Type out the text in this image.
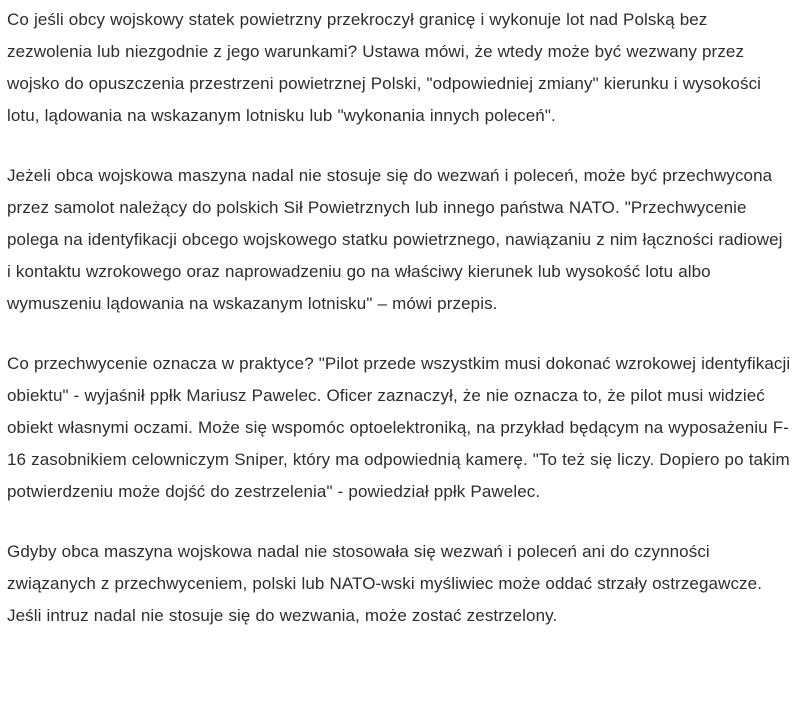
Co jeśli obcy wojskowy statek powietrzny przekroczył granicę i wykonuje lot nad Polską bez zezwolenia lub niezgodnie z jego warunkami? Ustawa mówi, że wtedy może być wezwany przez wojsko do opuszczenia przestrzeni powietrznej Polski, "odpowiedniej zmiany" kierunku i wysokości lotu, lądowania na wskazanym lotnisku lub "wykonania innych poleceń".

Jeżeli obca wojskowa maszyna nadal nie stosuje się do wezwań i poleceń, może być przechwycona przez samolot należący do polskich Sił Powietrznych lub innego państwa NATO. "Przechwycenie polega na identyfikacji obcego wojskowego statku powietrznego, nawiązaniu z nim łączności radiowej i kontaktu wzrokowego oraz naprowadzeniu go na właściwy kierunek lub wysokość lotu albo wymuszeniu lądowania na wskazanym lotnisku" – mówi przepis.

Co przechwycenie oznacza w praktyce? "Pilot przede wszystkim musi dokonać wzrokowej identyfikacji obiektu" - wyjaśnił ppłk Mariusz Pawelec. Oficer zaznaczył, że nie oznacza to, że pilot musi widzieć obiekt własnymi oczami. Może się wspomóc optoelektroniką, na przykład będącym na wyposażeniu F-16 zasobnikiem celowniczym Sniper, który ma odpowiednią kamerę. "To też się liczy. Dopiero po takim potwierdzeniu może dojść do zestrzelenia" - powiedział ppłk Pawelec.

Gdyby obca maszyna wojskowa nadal nie stosowała się wezwań i poleceń ani do czynności związanych z przechwyceniem, polski lub NATO-wski myśliwiec może oddać strzały ostrzegawcze. Jeśli intruz nadal nie stosuje się do wezwania, może zostać zestrzelony.
